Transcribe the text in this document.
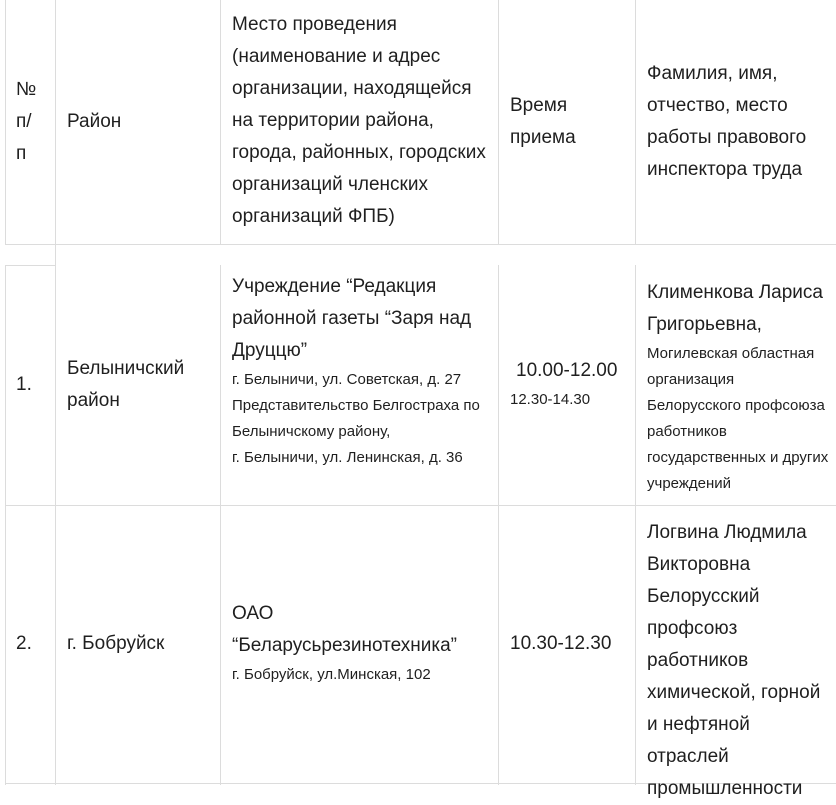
№
п/
п
Район
Место проведения
(наименование и адрес
организации, находящейся
на территории района,
города, районных, городских
организаций членских
организаций ФПБ)
Время
приема
Фамилия, имя,
отчество, место
работы правового
инспектора труда
1.
Белыничский
район
Учреждение “Редакция
районной газеты “Заря над
Друццю”
г. Белыничи, ул. Советская, д. 27
Представительство Белгостраха по
Белыничскому району,
г. Белыничи, ул. Ленинская, д. 36
10.00-12.00
12.30-14.30
Клименкова Лариса
Григорьевна,
Могилевская областная
организация
Белорусского профсоюза
работников
государственных и других
учреждений
2.	г. Бобруйск
ОАО
“Беларусьрезинотехника”
г. Бобруйск, ул.Минская, 102
10.30-12.30
Логвина Людмила
Викторовна
Белорусский
профсоюз
работников
химической, горной
и нефтяной отраслей
промышленности
